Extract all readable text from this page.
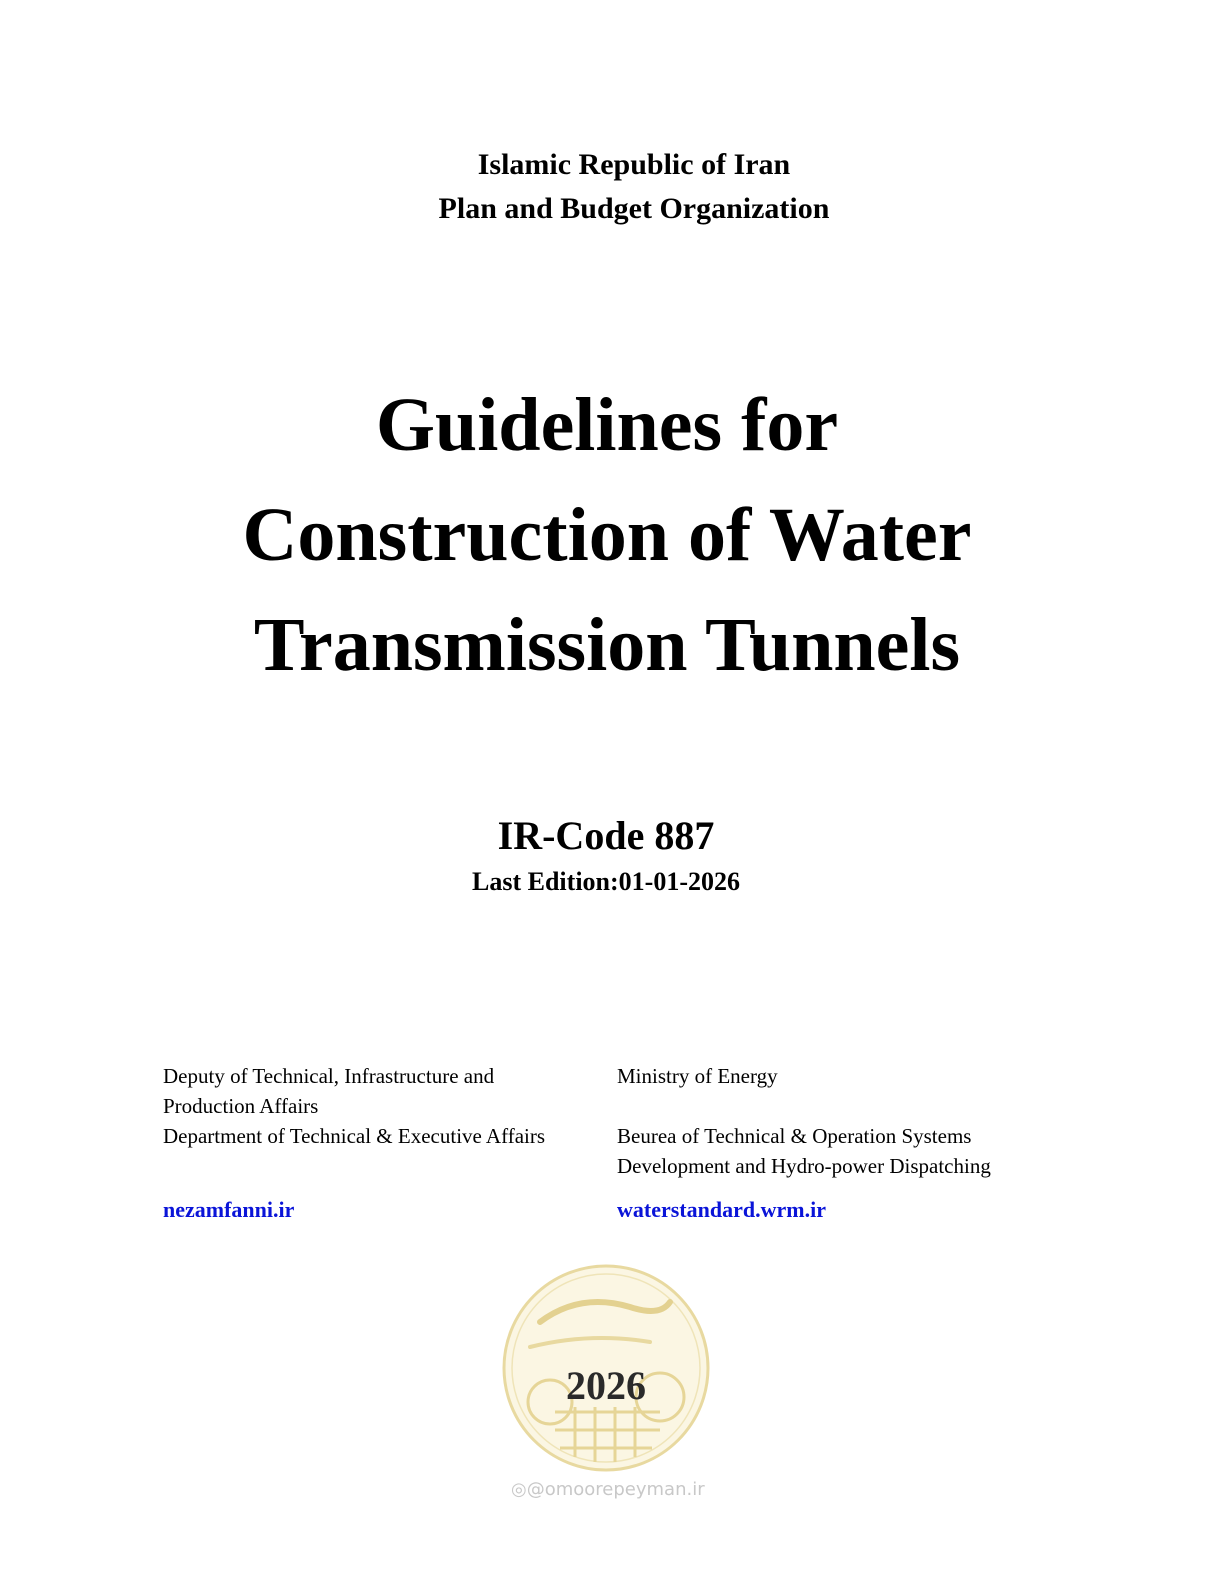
Islamic Republic of Iran
Plan and Budget Organization
Guidelines for
Construction of Water
Transmission Tunnels
IR-Code 887
Last Edition:01-01-2026
Deputy of Technical, Infrastructure and
Production Affairs
Department of Technical & Executive Affairs
Ministry of Energy
Beurea of Technical & Operation Systems
Development and Hydro-power Dispatching
nezamfanni.ir	waterstandard.wrm.ir
2026
◎@omoorepeyman.ir
